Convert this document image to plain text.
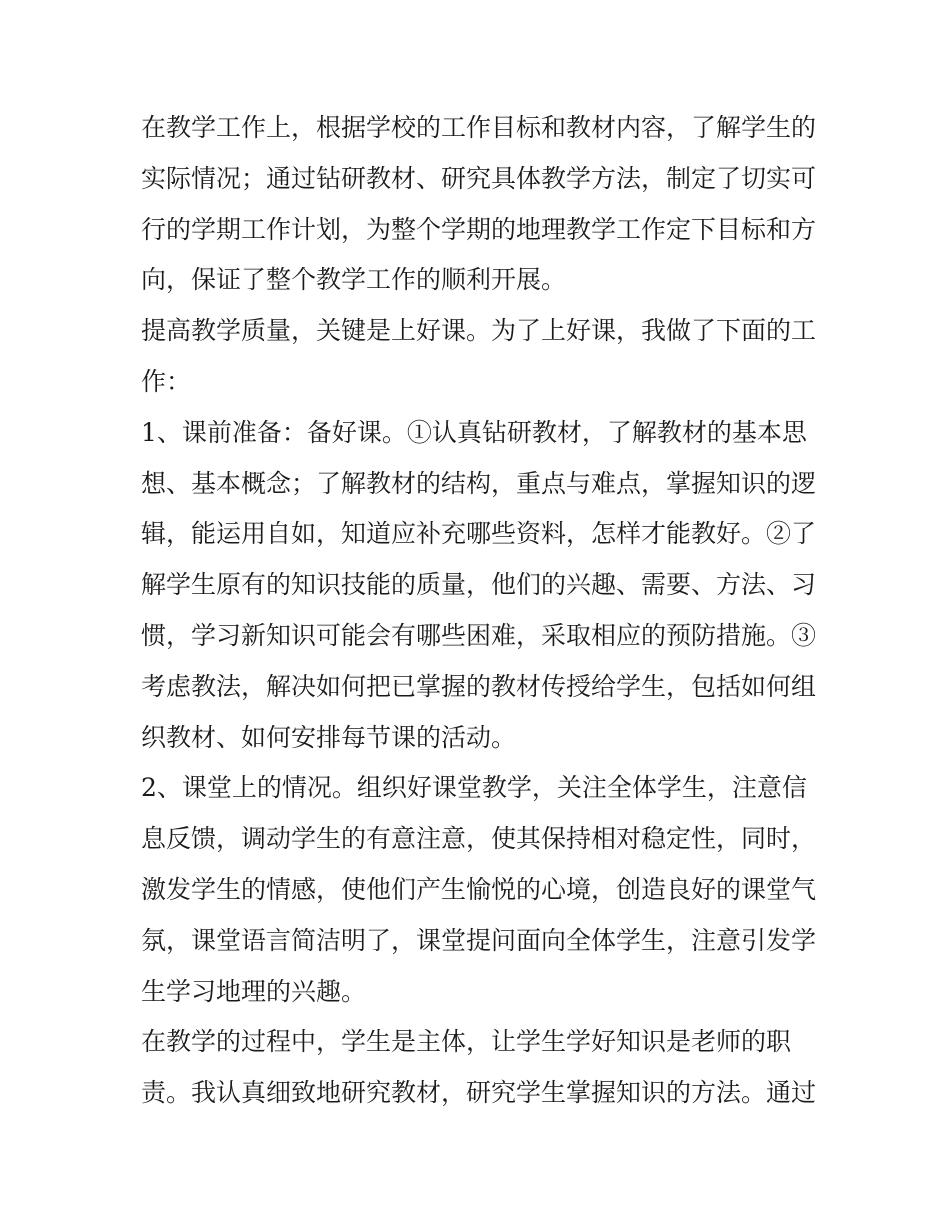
在教学工作上，根据学校的工作目标和教材内容，了解学生的
实际情况；通过钻研教材、研究具体教学方法，制定了切实可
行的学期工作计划，为整个学期的地理教学工作定下目标和方
向，保证了整个教学工作的顺利开展。
提高教学质量，关键是上好课。为了上好课，我做了下面的工
作：
1、课前准备：备好课。①认真钻研教材，了解教材的基本思
想、基本概念；了解教材的结构，重点与难点，掌握知识的逻
辑，能运用自如，知道应补充哪些资料，怎样才能教好。②了
解学生原有的知识技能的质量，他们的兴趣、需要、方法、习
惯，学习新知识可能会有哪些困难，采取相应的预防措施。③
考虑教法，解决如何把已掌握的教材传授给学生，包括如何组
织教材、如何安排每节课的活动。
2、课堂上的情况。组织好课堂教学，关注全体学生，注意信
息反馈，调动学生的有意注意，使其保持相对稳定性，同时，
激发学生的情感，使他们产生愉悦的心境，创造良好的课堂气
氛，课堂语言简洁明了，课堂提问面向全体学生，注意引发学
生学习地理的兴趣。
在教学的过程中，学生是主体，让学生学好知识是老师的职
责。我认真细致地研究教材，研究学生掌握知识的方法。通过
